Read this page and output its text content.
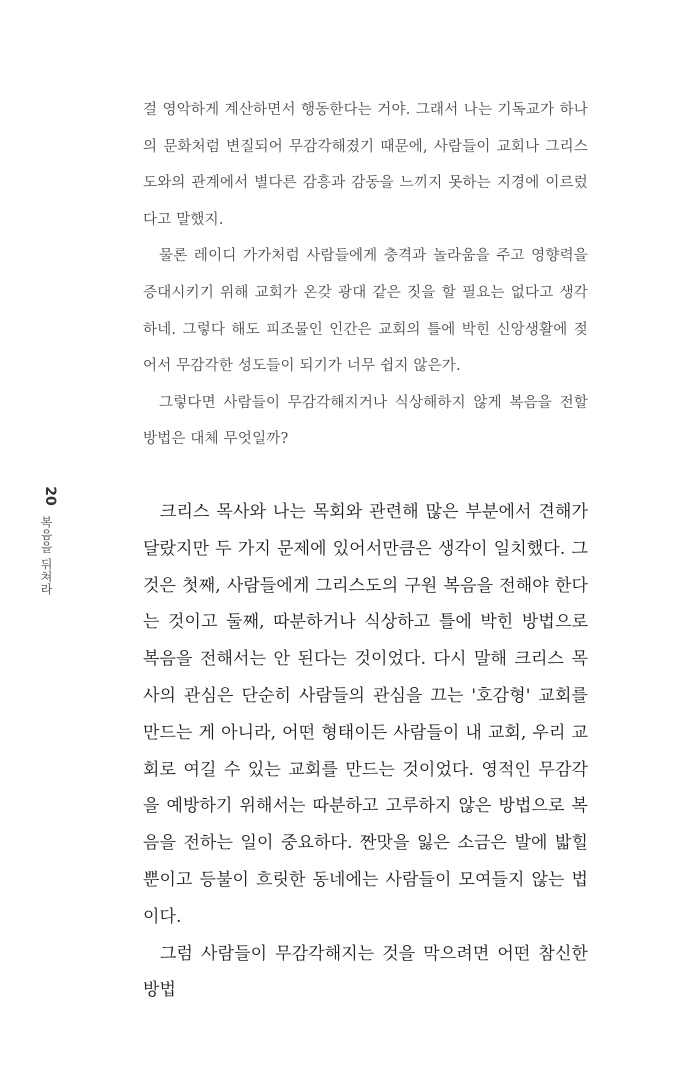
20
복음을 뒤쳐라

걸 영악하게 계산하면서 행동한다는 거야. 그래서 나는 기독교가 하나의 문화처럼 변질되어 무감각해졌기 때문에, 사람들이 교회나 그리스도와의 관계에서 별다른 감흥과 감동을 느끼지 못하는 지경에 이르렀다고 말했지.

물론 레이디 가가처럼 사람들에게 충격과 놀라움을 주고 영향력을 증대시키기 위해 교회가 온갖 광대 같은 짓을 할 필요는 없다고 생각하네. 그렇다 해도 피조물인 인간은 교회의 틀에 박힌 신앙생활에 젖어서 무감각한 성도들이 되기가 너무 쉽지 않은가.

그렇다면 사람들이 무감각해지거나 식상해하지 않게 복음을 전할 방법은 대체 무엇일까?

크리스 목사와 나는 목회와 관련해 많은 부분에서 견해가 달랐지만 두 가지 문제에 있어서만큼은 생각이 일치했다. 그것은 첫째, 사람들에게 그리스도의 구원 복음을 전해야 한다는 것이고 둘째, 따분하거나 식상하고 틀에 박힌 방법으로 복음을 전해서는 안 된다는 것이었다. 다시 말해 크리스 목사의 관심은 단순히 사람들의 관심을 끄는 '호감형' 교회를 만드는 게 아니라, 어떤 형태이든 사람들이 내 교회, 우리 교회로 여길 수 있는 교회를 만드는 것이었다. 영적인 무감각을 예방하기 위해서는 따분하고 고루하지 않은 방법으로 복음을 전하는 일이 중요하다. 짠맛을 잃은 소금은 발에 밟힐 뿐이고 등불이 흐릿한 동네에는 사람들이 모여들지 않는 법이다.

그럼 사람들이 무감각해지는 것을 막으려면 어떤 참신한 방법
